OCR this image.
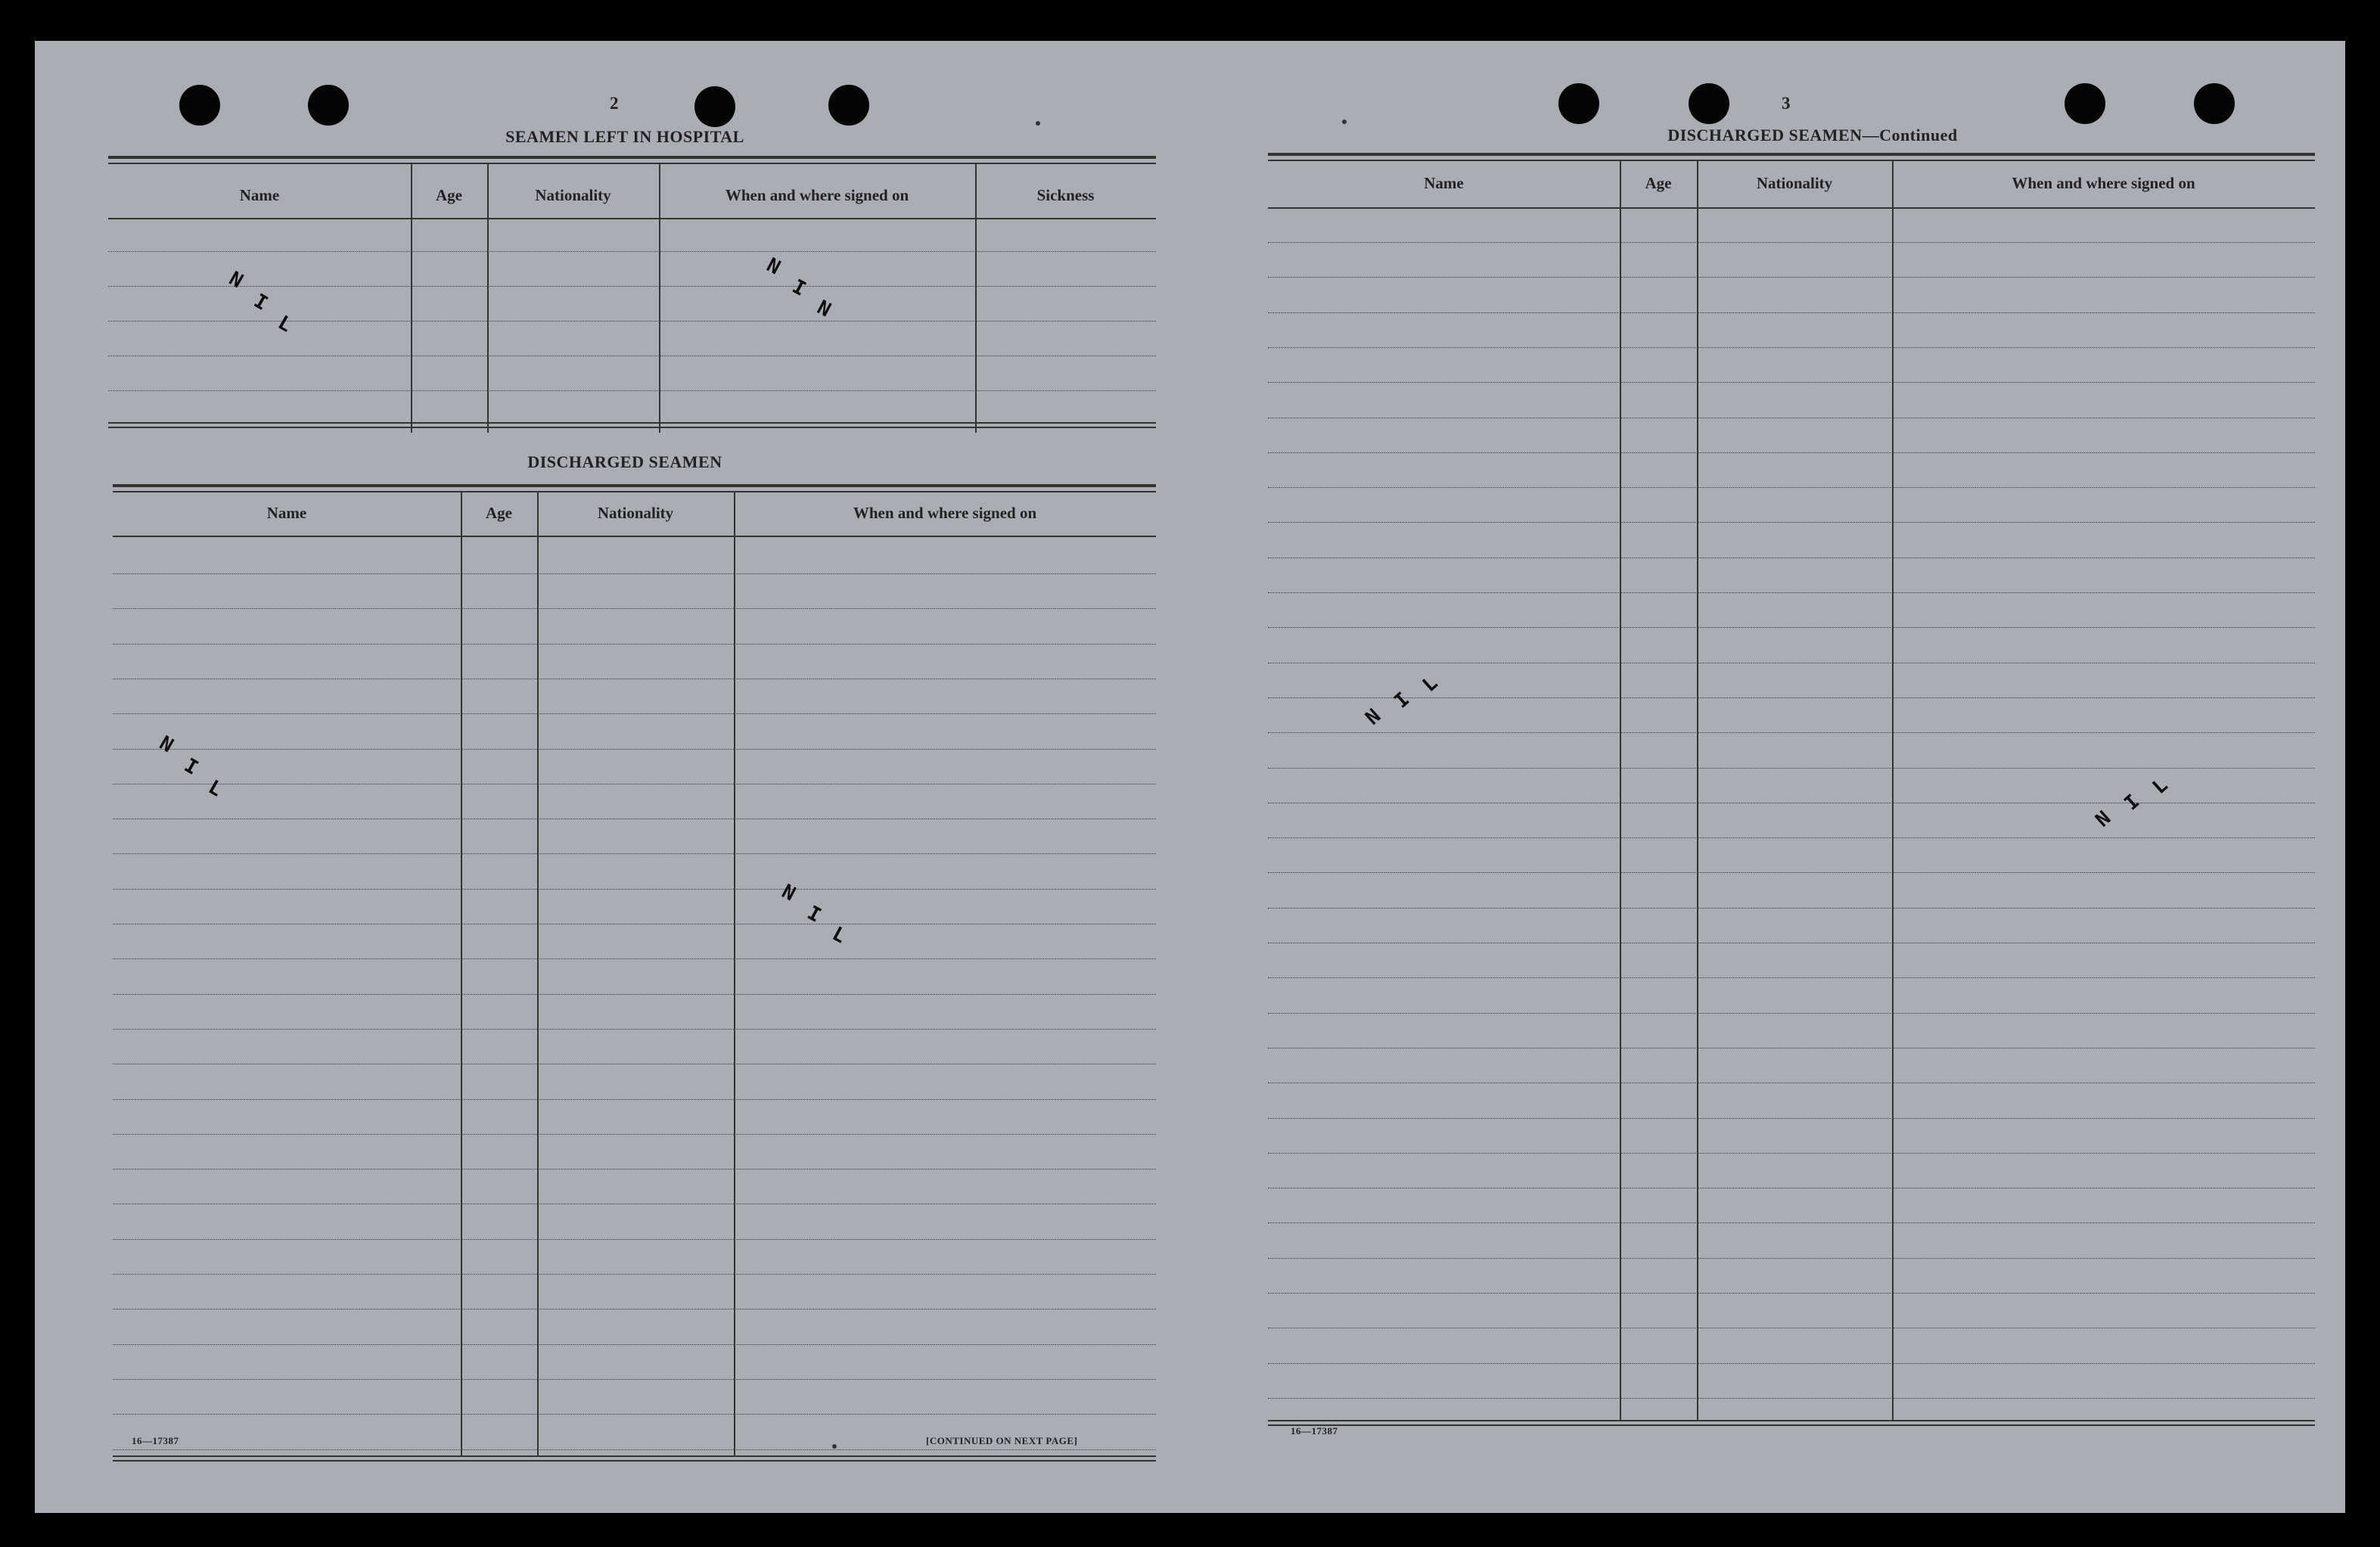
2
SEAMEN LEFT IN HOSPITAL
Name	Age	Nationality	When and where signed on	Sickness
DISCHARGED SEAMEN
Name	Age	Nationality	When and where signed on
16—17387	[CONTINUED ON NEXT PAGE]
NIL
NIN
NIL
NIL
3
DISCHARGED SEAMEN—Continued
Name	Age	Nationality	When and where signed on
16—17387
NIL
NIL
